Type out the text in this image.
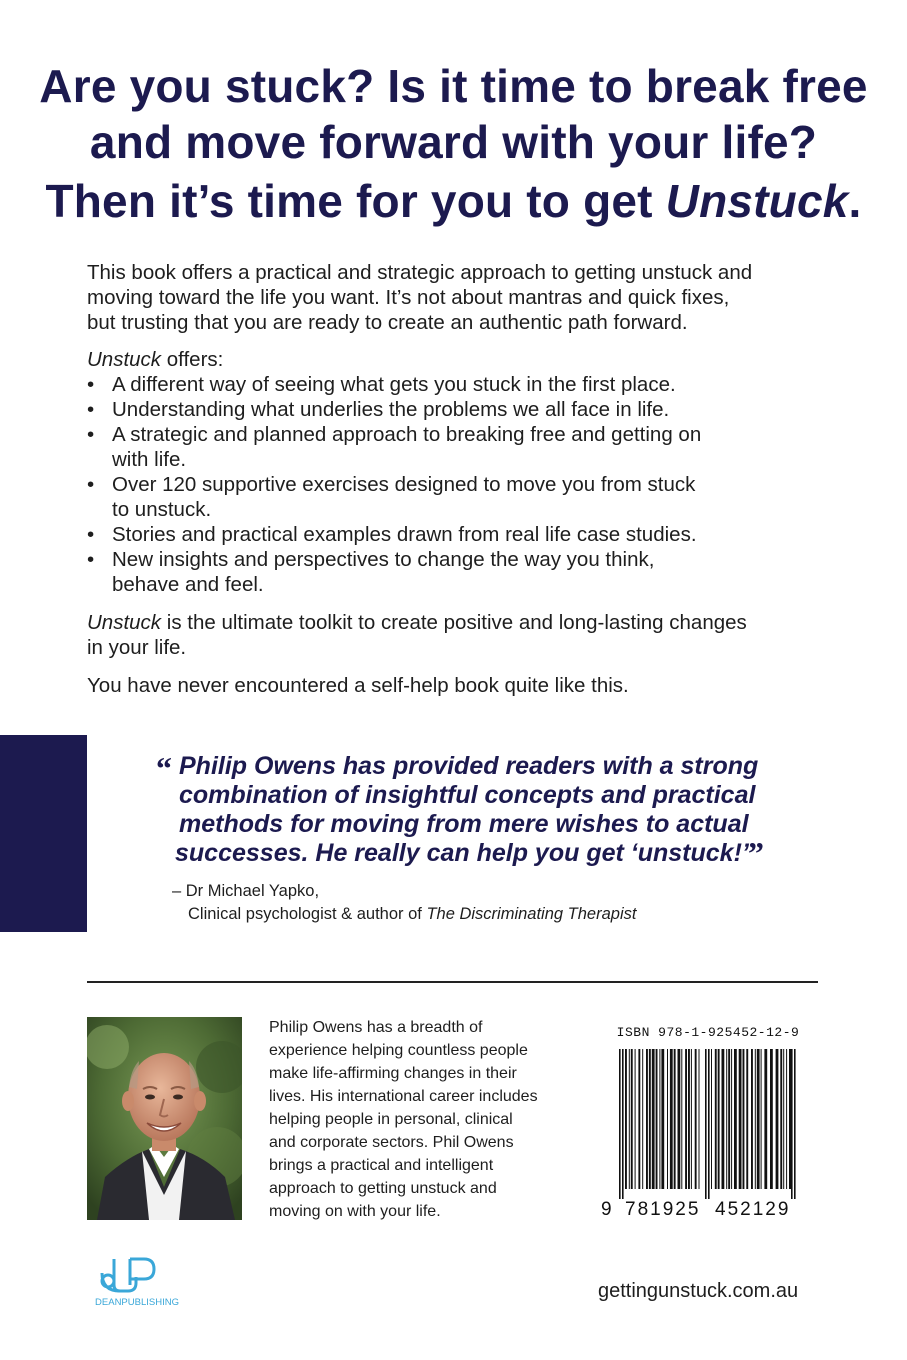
Are you stuck? Is it time to break free
and move forward with your life?
Then it’s time for you to get Unstuck.

This book offers a practical and strategic approach to getting unstuck and

moving toward the life you want. It’s not about mantras and quick fixes,

but trusting that you are ready to create an authentic path forward.

Unstuck offers:

• A different way of seeing what gets you stuck in the first place.
• Understanding what underlies the problems we all face in life.
• A strategic and planned approach to breaking free and getting on
with life.
• Over 120 supportive exercises designed to move you from stuck
to unstuck.
• Stories and practical examples drawn from real life case studies.
• New insights and perspectives to change the way you think,
behave and feel.

Unstuck is the ultimate toolkit to create positive and long-lasting changes

in your life.

You have never encountered a self-help book quite like this.
“ Philip Owens has provided readers with a strong
combination of insightful concepts and practical
methods for moving from mere wishes to actual
successes. He really can help you get ‘unstuck!’ ”
– Dr Michael Yapko,
Clinical psychologist & author of The Discriminating Therapist
Philip Owens has a breadth of
experience helping countless people
make life-affirming changes in their
lives. His international career includes
helping people in personal, clinical
and corporate sectors. Phil Owens
brings a practical and intelligent
approach to getting unstuck and
moving on with your life.
ISBN 978-1-925452-12-9
9 781925 452129
DEANPUBLISHING
gettingunstuck.com.au
